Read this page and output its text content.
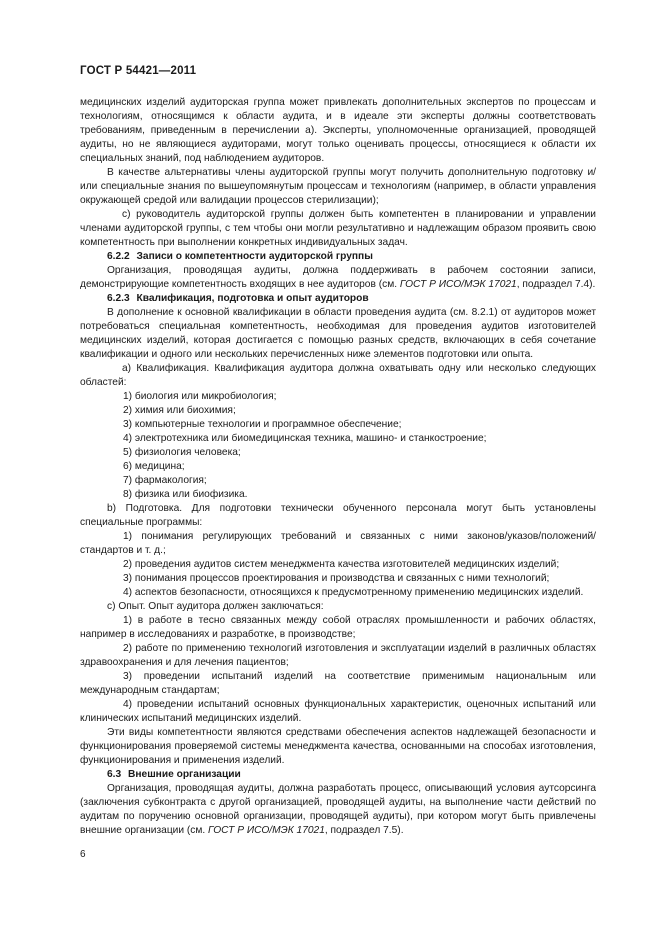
ГОСТ Р 54421—2011

медицинских изделий аудиторская группа может привлекать дополнительных экспертов по процессам и технологиям, относящимся к области аудита, и в идеале эти эксперты должны соответствовать требованиям, приведенным в перечислении а). Эксперты, уполномоченные организацией, проводящей аудиты, но не являющиеся аудиторами, могут только оценивать процессы, относящиеся к области их специальных знаний, под наблюдением аудиторов.

В качестве альтернативы члены аудиторской группы могут получить дополнительную подготовку и/или специальные знания по вышеупомянутым процессам и технологиям (например, в области управления окружающей средой или валидации процессов стерилизации);

c) руководитель аудиторской группы должен быть компетентен в планировании и управлении членами аудиторской группы, с тем чтобы они могли результативно и надлежащим образом проявить свою компетентность при выполнении конкретных индивидуальных задач.

6.2.2 Записи о компетентности аудиторской группы

Организация, проводящая аудиты, должна поддерживать в рабочем состоянии записи, демонстрирующие компетентность входящих в нее аудиторов (см. ГОСТ Р ИСО/МЭК 17021, подраздел 7.4).

6.2.3 Квалификация, подготовка и опыт аудиторов

В дополнение к основной квалификации в области проведения аудита (см. 8.2.1) от аудиторов может потребоваться специальная компетентность, необходимая для проведения аудитов изготовителей медицинских изделий, которая достигается с помощью разных средств, включающих в себя сочетание квалификации и одного или нескольких перечисленных ниже элементов подготовки или опыта.

a) Квалификация. Квалификация аудитора должна охватывать одну или несколько следующих областей:

1) биология или микробиология;

2) химия или биохимия;

3) компьютерные технологии и программное обеспечение;

4) электротехника или биомедицинская техника, машино- и станкостроение;

5) физиология человека;

6) медицина;

7) фармакология;

8) физика или биофизика.

b) Подготовка. Для подготовки технически обученного персонала могут быть установлены специальные программы:

1) понимания регулирующих требований и связанных с ними законов/указов/положений/стандартов и т. д.;

2) проведения аудитов систем менеджмента качества изготовителей медицинских изделий;

3) понимания процессов проектирования и производства и связанных с ними технологий;

4) аспектов безопасности, относящихся к предусмотренному применению медицинских изделий.

c) Опыт. Опыт аудитора должен заключаться:

1) в работе в тесно связанных между собой отраслях промышленности и рабочих областях, например в исследованиях и разработке, в производстве;

2) работе по применению технологий изготовления и эксплуатации изделий в различных областях здравоохранения и для лечения пациентов;

3) проведении испытаний изделий на соответствие применимым национальным или международным стандартам;

4) проведении испытаний основных функциональных характеристик, оценочных испытаний или клинических испытаний медицинских изделий.

Эти виды компетентности являются средствами обеспечения аспектов надлежащей безопасности и функционирования проверяемой системы менеджмента качества, основанными на способах изготовления, функционирования и применения изделий.

6.3 Внешние организации

Организация, проводящая аудиты, должна разработать процесс, описывающий условия аутсорсинга (заключения субконтракта с другой организацией, проводящей аудиты, на выполнение части действий по аудитам по поручению основной организации, проводящей аудиты), при котором могут быть привлечены внешние организации (см. ГОСТ Р ИСО/МЭК 17021, подраздел 7.5).

6
